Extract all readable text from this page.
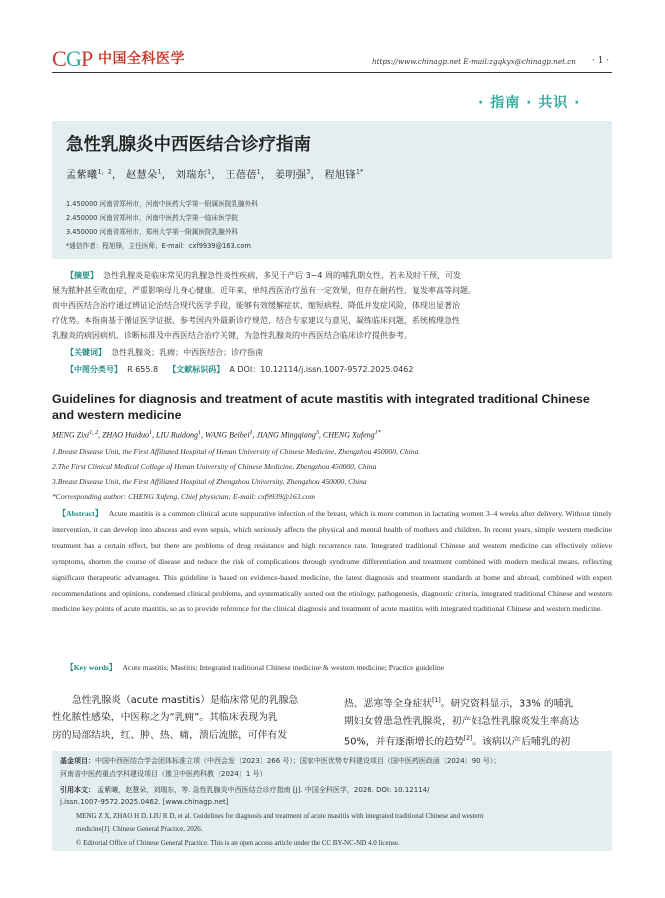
C G P 中国全科医学	https://www.chinagp.net E-mail:zgqkyx@chinagp.net.cn · 1 ·
· 指南 · 共识 ·
急性乳腺炎中西医结合诊疗指南
孟紫曦$^{1,2}$， 赵慧朵$^1$， 刘瑞东$^1$， 王蓓蓓$^1$， 姜明强$^3$， 程旭锋$^{1*}$
1.450000 河南省郑州市，河南中医药大学第一附属医院乳腺外科
2.450000 河南省郑州市，河南中医药大学第一临床医学院
3.450000 河南省郑州市，郑州大学第一附属医院乳腺外科
*通信作者：程旭锋，主任医师；E-mail：cxf9939@163.com
【摘要】 急性乳腺炎是临床常见的乳腺急性炎性疾病，多见于产后 3~4 周的哺乳期女性，若未及时干预，可发
展为脓肿甚至败血症，严重影响母儿身心健康。近年来，单纯西医治疗虽有一定效果，但存在耐药性、复发率高等问题。
而中西医结合治疗通过辨证论治结合现代医学手段，能够有效缓解症状、缩短病程、降低并发症风险，体现出显著治
疗优势。本指南基于循证医学证据、参考国内外最新诊疗规范、结合专家建议与意见，凝练临床问题，系统梳理急性
乳腺炎的病因病机、诊断标准及中西医结合治疗关键，为急性乳腺炎的中西医结合临床诊疗提供参考。
【关键词】 急性乳腺炎；乳痈；中西医结合；诊疗指南
【中图分类号】 R 655.8 【文献标识码】 A DOI：10.12114/j.issn.1007-9572.2025.0462
Guidelines for diagnosis and treatment of acute mastitis with integrated traditional Chinese and western medicine
MENG Zixi$^{1, 2}$, ZHAO Huiduo$^1$, LIU Ruidong$^1$, WANG Beibei$^1$, JIANG Mingqiang$^3$, CHENG Xufeng$^{1*}$
1.Breast Disease Unit, the First Affiliated Hospital of Henan University of Chinese Medicine, Zhengzhou 450000, China
2.The First Clinical Medical College of Henan University of Chinese Medicine, Zhengzhou 450000, China
3.Breast Disease Unit, the First Affiliated Hospital of Zhengzhou University, Zhengzhou 450000, China
*Corresponding author: CHENG Xufeng, Chief physician; E-mail: cxf9939@163.com
【Abstract】 Acute mastitis is a common clinical acute suppurative infection of the breast, which is more common in lactating women 3–4 weeks after delivery. Without timely intervention, it can develop into abscess and even sepsis, which seriously affects the physical and mental health of mothers and children. In recent years, simple western medicine treatment has a certain effect, but there are problems of drug resistance and high recurrence rate. Integrated traditional Chinese and western medicine can effectively relieve symptoms, shorten the course of disease and reduce the risk of complications through syndrome differentiation and treatment combined with modern medical means, reflecting significant therapeutic advantages. This guideline is based on evidence-based medicine, the latest diagnosis and treatment standards at home and abroad, combined with expert recommendations and opinions, condensed clinical problems, and systematically sorted out the etiology, pathogenesis, diagnostic criteria, integrated traditional Chinese and western medicine key points of acute mastitis, so as to provide reference for the clinical diagnosis and treatment of acute mastitis with integrated traditional Chinese and western medicine.
【Key words】 Acute mastitis; Mastitis; Integrated traditional Chinese medicine & western medicine; Practice guideline
急性乳腺炎（acute mastitis）是临床常见的乳腺急
性化脓性感染，中医称之为“乳痈”。其临床表现为乳
房的局部结块，红、肿、热、痛，溃后流脓，可伴有发
热、恶寒等全身症状[1]。研究资料显示，33% 的哺乳
期妇女曾患急性乳腺炎，初产妇急性乳腺炎发生率高达
50%，并有逐渐增长的趋势[2]。该病以产后哺乳的初
基金项目：中国中西医结合学会团体标准立项（中西会发〔2023〕266 号）；国家中医优势专科建设项目（国中医药医政函〔2024〕90 号）；
河南省中医药重点学科建设项目（豫卫中医药科教〔2024〕1 号）
引用本文： 孟紫曦，赵慧朵，刘瑞东，等. 急性乳腺炎中西医结合诊疗指南 [J]. 中国全科医学，2026. DOI: 10.12114/
j.issn.1007-9572.2025.0462. [www.chinagp.net]
MENG Z X, ZHAO H D, LIU R D, et al. Guidelines for diagnosis and treatment of acute mastitis with integrated traditional Chinese and western
medicine[J]. Chinese General Practice, 2026.
© Editorial Office of Chinese General Practice. This is an open access article under the CC BY-NC-ND 4.0 license.
